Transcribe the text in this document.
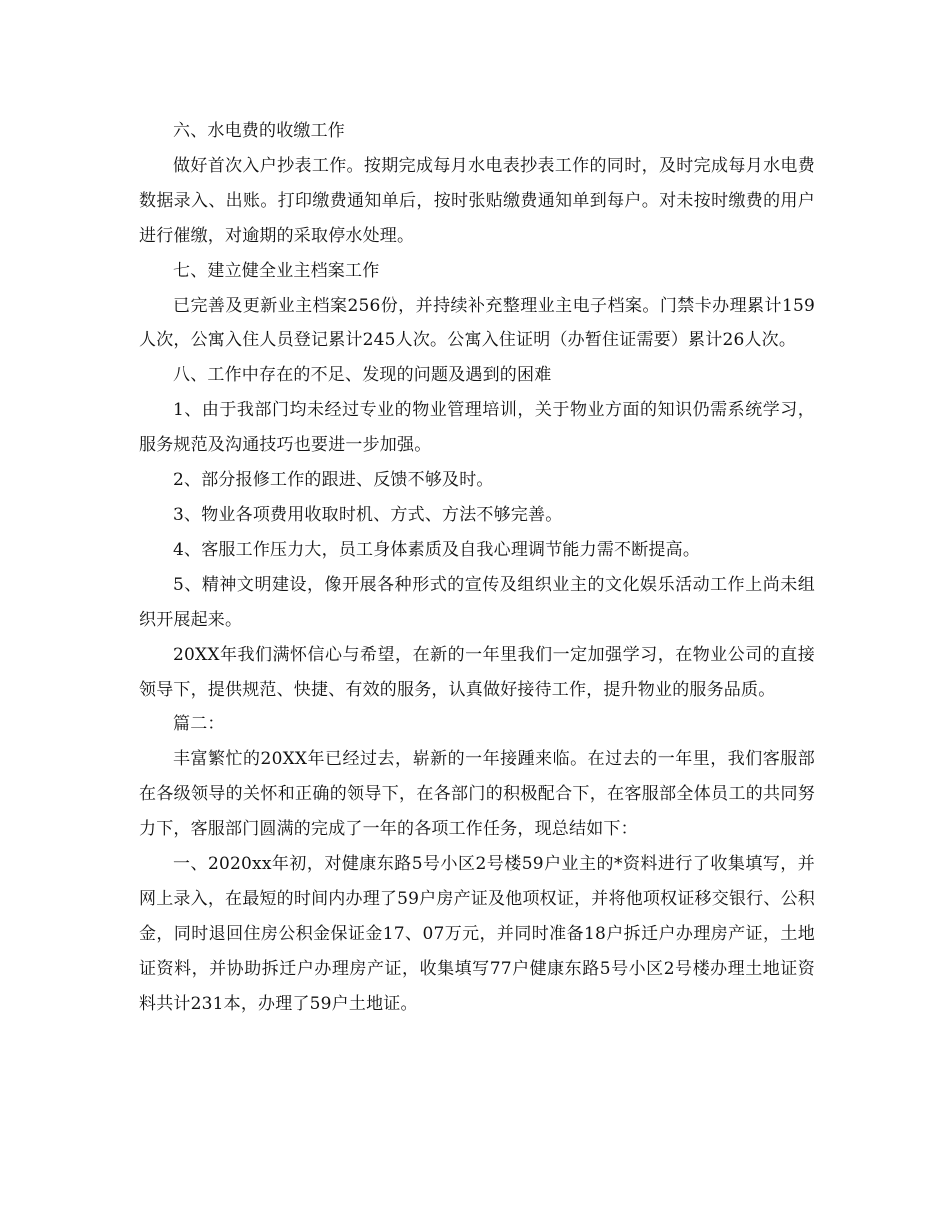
六、水电费的收缴工作

做好首次入户抄表工作。按期完成每月水电表抄表工作的同时，及时完成每月水电费数据录入、出账。打印缴费通知单后，按时张贴缴费通知单到每户。对未按时缴费的用户进行催缴，对逾期的采取停水处理。

七、建立健全业主档案工作

已完善及更新业主档案256份，并持续补充整理业主电子档案。门禁卡办理累计159人次，公寓入住人员登记累计245人次。公寓入住证明（办暂住证需要）累计26人次。

八、工作中存在的不足、发现的问题及遇到的困难

1、由于我部门均未经过专业的物业管理培训，关于物业方面的知识仍需系统学习，服务规范及沟通技巧也要进一步加强。

2、部分报修工作的跟进、反馈不够及时。

3、物业各项费用收取时机、方式、方法不够完善。

4、客服工作压力大，员工身体素质及自我心理调节能力需不断提高。

5、精神文明建设，像开展各种形式的宣传及组织业主的文化娱乐活动工作上尚未组织开展起来。

20XX年我们满怀信心与希望，在新的一年里我们一定加强学习，在物业公司的直接领导下，提供规范、快捷、有效的服务，认真做好接待工作，提升物业的服务品质。

篇二：

丰富繁忙的20XX年已经过去，崭新的一年接踵来临。在过去的一年里，我们客服部在各级领导的关怀和正确的领导下，在各部门的积极配合下，在客服部全体员工的共同努力下，客服部门圆满的完成了一年的各项工作任务，现总结如下：

一、2020xx年初，对健康东路5号小区2号楼59户业主的*资料进行了收集填写，并网上录入，在最短的时间内办理了59户房产证及他项权证，并将他项权证移交银行、公积金，同时退回住房公积金保证金17、07万元，并同时准备18户拆迁户办理房产证，土地证资料，并协助拆迁户办理房产证，收集填写77户健康东路5号小区2号楼办理土地证资料共计231本，办理了59户土地证。
